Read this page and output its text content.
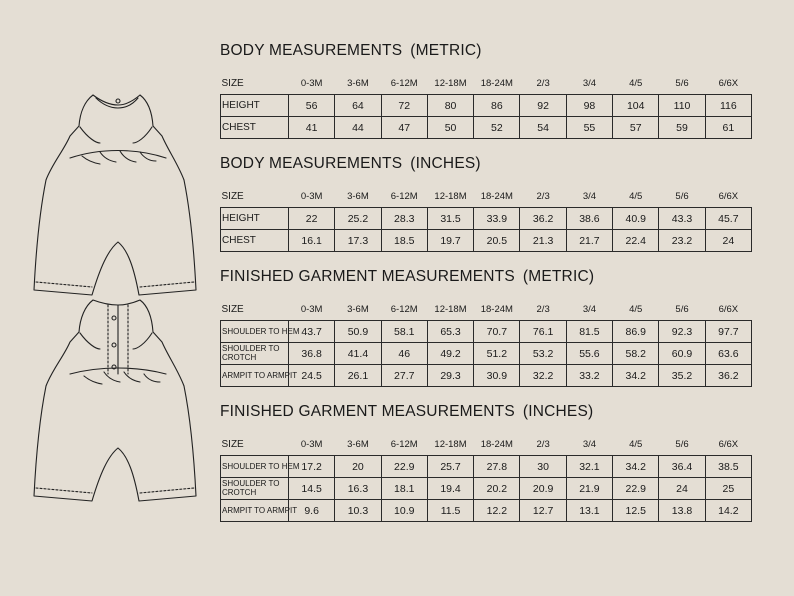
BODY MEASUREMENTS (METRIC)
SIZE	0-3M	3-6M	6-12M	12-18M	18-24M	2/3	3/4	4/5	5/6	6/6X
HEIGHT	56	64	72	80	86	92	98	104	110	116
CHEST	41	44	47	50	52	54	55	57	59	61
BODY MEASUREMENTS (INCHES)
SIZE	0-3M	3-6M	6-12M	12-18M	18-24M	2/3	3/4	4/5	5/6	6/6X
HEIGHT	22	25.2	28.3	31.5	33.9	36.2	38.6	40.9	43.3	45.7
CHEST	16.1	17.3	18.5	19.7	20.5	21.3	21.7	22.4	23.2	24
FINISHED GARMENT MEASUREMENTS (METRIC)
SIZE	0-3M	3-6M	6-12M	12-18M	18-24M	2/3	3/4	4/5	5/6	6/6X
SHOULDER TO HEM	43.7	50.9	58.1	65.3	70.7	76.1	81.5	86.9	92.3	97.7
SHOULDER TO CROTCH	36.8	41.4	46	49.2	51.2	53.2	55.6	58.2	60.9	63.6
ARMPIT TO ARMPIT	24.5	26.1	27.7	29.3	30.9	32.2	33.2	34.2	35.2	36.2
FINISHED GARMENT MEASUREMENTS (INCHES)
SIZE	0-3M	3-6M	6-12M	12-18M	18-24M	2/3	3/4	4/5	5/6	6/6X
SHOULDER TO HEM	17.2	20	22.9	25.7	27.8	30	32.1	34.2	36.4	38.5
SHOULDER TO CROTCH	14.5	16.3	18.1	19.4	20.2	20.9	21.9	22.9	24	25
ARMPIT TO ARMPIT	9.6	10.3	10.9	11.5	12.2	12.7	13.1	12.5	13.8	14.2
